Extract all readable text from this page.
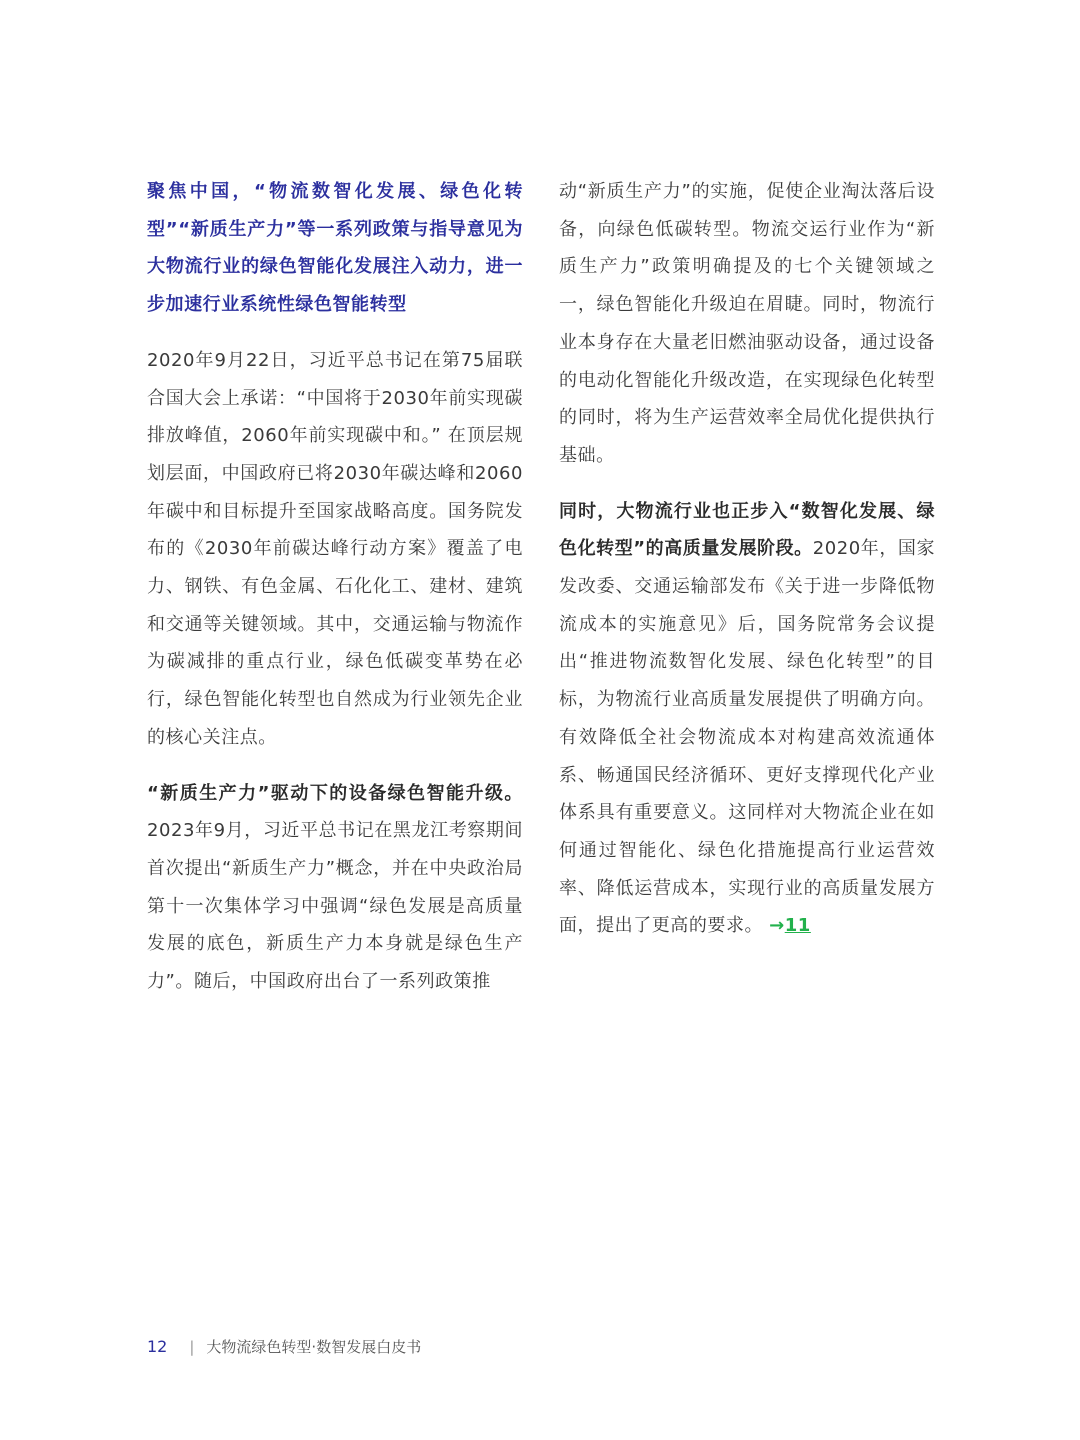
聚焦中国，“物流数智化发展、绿色化转型”“新质生产力”等一系列政策与指导意见为大物流行业的绿色智能化发展注入动力，进一步加速行业系统性绿色智能转型

2020年9月22日，习近平总书记在第75届联合国大会上承诺：“中国将于2030年前实现碳排放峰值，2060年前实现碳中和。” 在顶层规划层面，中国政府已将2030年碳达峰和2060年碳中和目标提升至国家战略高度。国务院发布的《2030年前碳达峰行动方案》覆盖了电力、钢铁、有色金属、石化化工、建材、建筑和交通等关键领域。其中，交通运输与物流作为碳减排的重点行业，绿色低碳变革势在必行，绿色智能化转型也自然成为行业领先企业的核心关注点。

“新质生产力”驱动下的设备绿色智能升级。2023年9月，习近平总书记在黑龙江考察期间首次提出“新质生产力”概念，并在中央政治局第十一次集体学习中强调“绿色发展是高质量发展的底色，新质生产力本身就是绿色生产力”。随后，中国政府出台了一系列政策推

动“新质生产力”的实施，促使企业淘汰落后设备，向绿色低碳转型。物流交运行业作为“新质生产力”政策明确提及的七个关键领域之一，绿色智能化升级迫在眉睫。同时，物流行业本身存在大量老旧燃油驱动设备，通过设备的电动化智能化升级改造，在实现绿色化转型的同时，将为生产运营效率全局优化提供执行基础。

同时，大物流行业也正步入“数智化发展、绿色化转型”的高质量发展阶段。2020年，国家发改委、交通运输部发布《关于进一步降低物流成本的实施意见》后，国务院常务会议提出“推进物流数智化发展、绿色化转型”的目标，为物流行业高质量发展提供了明确方向。有效降低全社会物流成本对构建高效流通体系、畅通国民经济循环、更好支撑现代化产业体系具有重要意义。这同样对大物流企业在如何通过智能化、绿色化措施提高行业运营效率、降低运营成本，实现行业的高质量发展方面，提出了更高的要求。 →11

12 | 大物流绿色转型·数智发展白皮书
